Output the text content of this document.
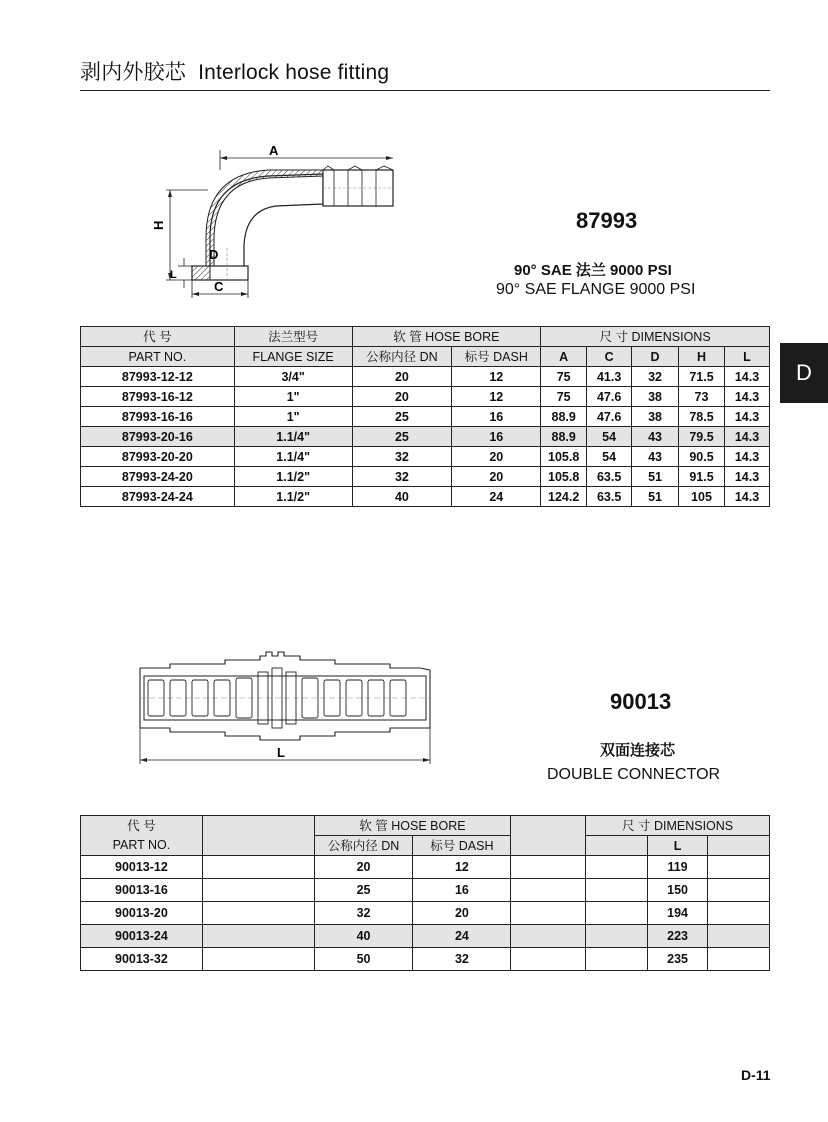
剥内外胶芯 Interlock hose fitting
D
A
H
D
L
C
87993
90° SAE 法兰 9000 PSI
90° SAE FLANGE 9000 PSI
代 号	法兰型号	软 管 HOSE BORE		尺 寸 DIMENSIONS				
PART NO.	FLANGE SIZE	公称内径 DN	标号 DASH	A	C	D	H	L
87993-12-12	3/4"	20	12	75	41.3	32	71.5	14.3
87993-16-12	1"	20	12	75	47.6	38	73	14.3
87993-16-16	1"	25	16	88.9	47.6	38	78.5	14.3
87993-20-16	1.1/4"	25	16	88.9	54	43	79.5	14.3
87993-20-20	1.1/4"	32	20	105.8	54	43	90.5	14.3
87993-24-20	1.1/2"	32	20	105.8	63.5	51	91.5	14.3
87993-24-24	1.1/2"	40	24	124.2	63.5	51	105	14.3
L
90013
双面连接芯
DOUBLE CONNECTOR
代 号		软 管 HOSE BORE			尺 寸 DIMENSIONS		
PART NO.		公称内径 DN	标号 DASH			L	
90013-12		20	12			119	
90013-16		25	16			150	
90013-20		32	20			194	
90013-24		40	24			223	
90013-32		50	32			235	
D-11
